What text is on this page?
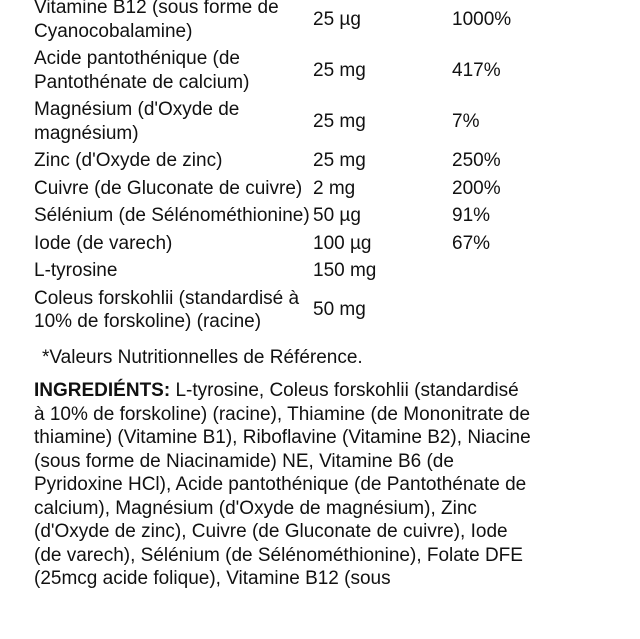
Vitamine B12 (sous forme de Cyanocobalamine)	25 µg	1000%
Acide pantothénique (de Pantothénate de calcium)	25 mg	417%
Magnésium (d'Oxyde de magnésium)	25 mg	7%
Zinc (d'Oxyde de zinc)	25 mg	250%
Cuivre (de Gluconate de cuivre)	2 mg	200%
Sélénium (de Sélénométhionine)	50 µg	91%
Iode (de varech)	100 µg	67%
L-tyrosine	150 mg	
Coleus forskohlii (standardisé à 10% de forskoline) (racine)	50 mg	
*Valeurs Nutritionnelles de Référence.
INGREDIÉNTS: L-tyrosine, Coleus forskohlii (standardisé à 10% de forskoline) (racine), Thiamine (de Mononitrate de thiamine) (Vitamine B1), Riboflavine (Vitamine B2), Niacine (sous forme de Niacinamide) NE, Vitamine B6 (de Pyridoxine HCl), Acide pantothénique (de Pantothénate de calcium), Magnésium (d'Oxyde de magnésium), Zinc (d'Oxyde de zinc), Cuivre (de Gluconate de cuivre), Iode (de varech), Sélénium (de Sélénométhionine), Folate DFE (25mcg acide folique), Vitamine B12 (sous
